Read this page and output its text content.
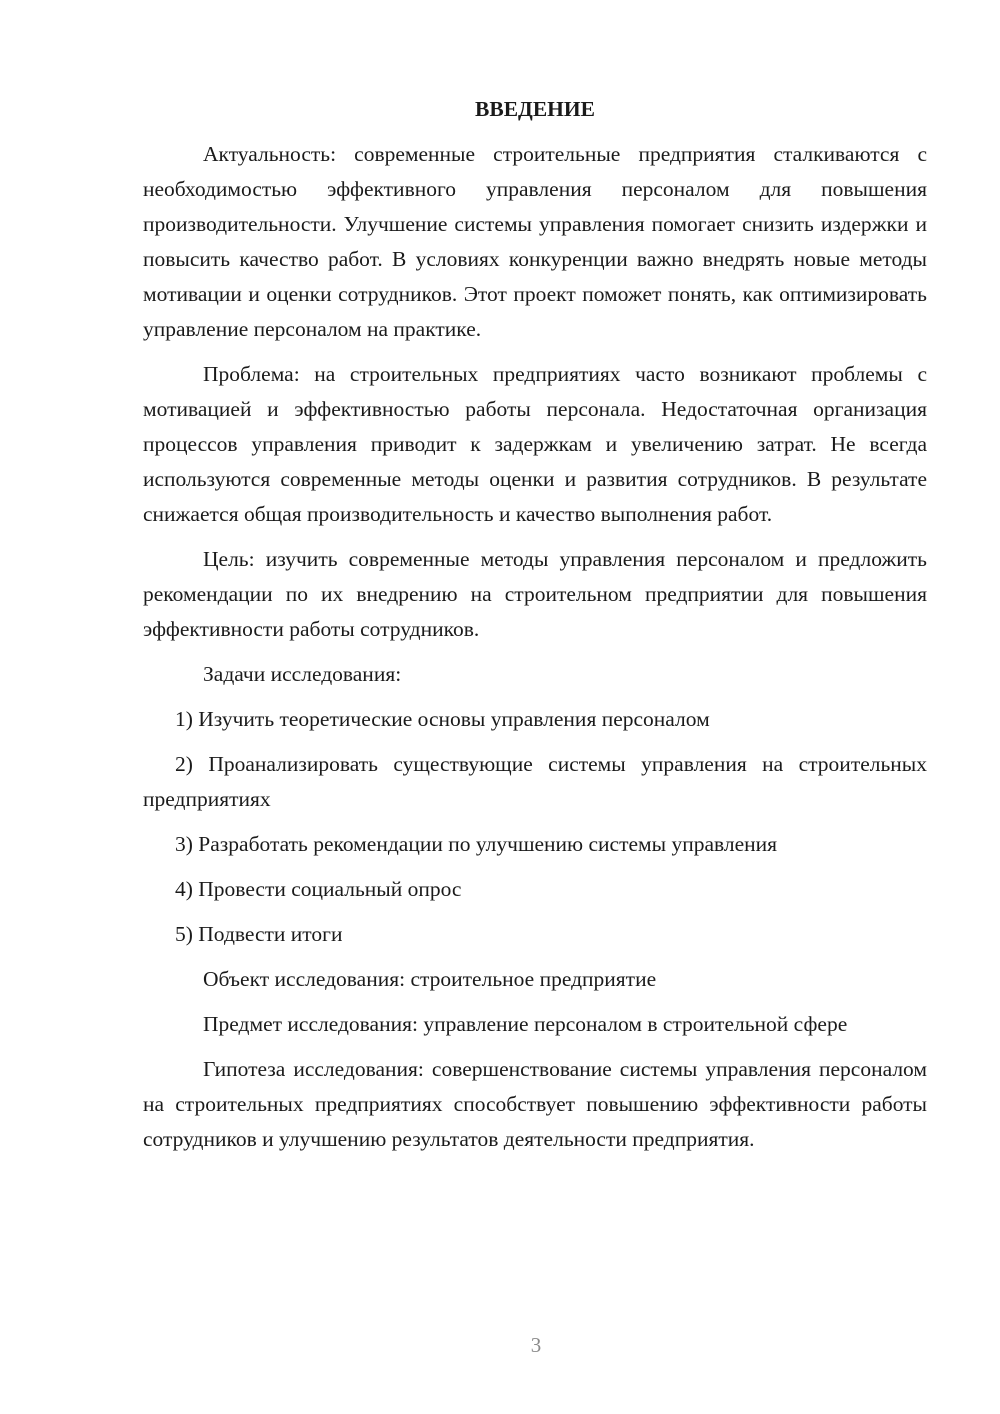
ВВЕДЕНИЕ

Актуальность: современные строительные предприятия сталкиваются с необходимостью эффективного управления персоналом для повышения производительности. Улучшение системы управления помогает снизить издержки и повысить качество работ. В условиях конкуренции важно внедрять новые методы мотивации и оценки сотрудников. Этот проект поможет понять, как оптимизировать управление персоналом на практике.

Проблема: на строительных предприятиях часто возникают проблемы с мотивацией и эффективностью работы персонала. Недостаточная организация процессов управления приводит к задержкам и увеличению затрат. Не всегда используются современные методы оценки и развития сотрудников. В результате снижается общая производительность и качество выполнения работ.

Цель: изучить современные методы управления персоналом и предложить рекомендации по их внедрению на строительном предприятии для повышения эффективности работы сотрудников.

Задачи исследования:

1) Изучить теоретические основы управления персоналом

2) Проанализировать существующие системы управления на строительных предприятиях

3) Разработать рекомендации по улучшению системы управления

4) Провести социальный опрос

5) Подвести итоги

Объект исследования: строительное предприятие

Предмет исследования: управление персоналом в строительной сфере

Гипотеза исследования: совершенствование системы управления персоналом на строительных предприятиях способствует повышению эффективности работы сотрудников и улучшению результатов деятельности предприятия.

3
